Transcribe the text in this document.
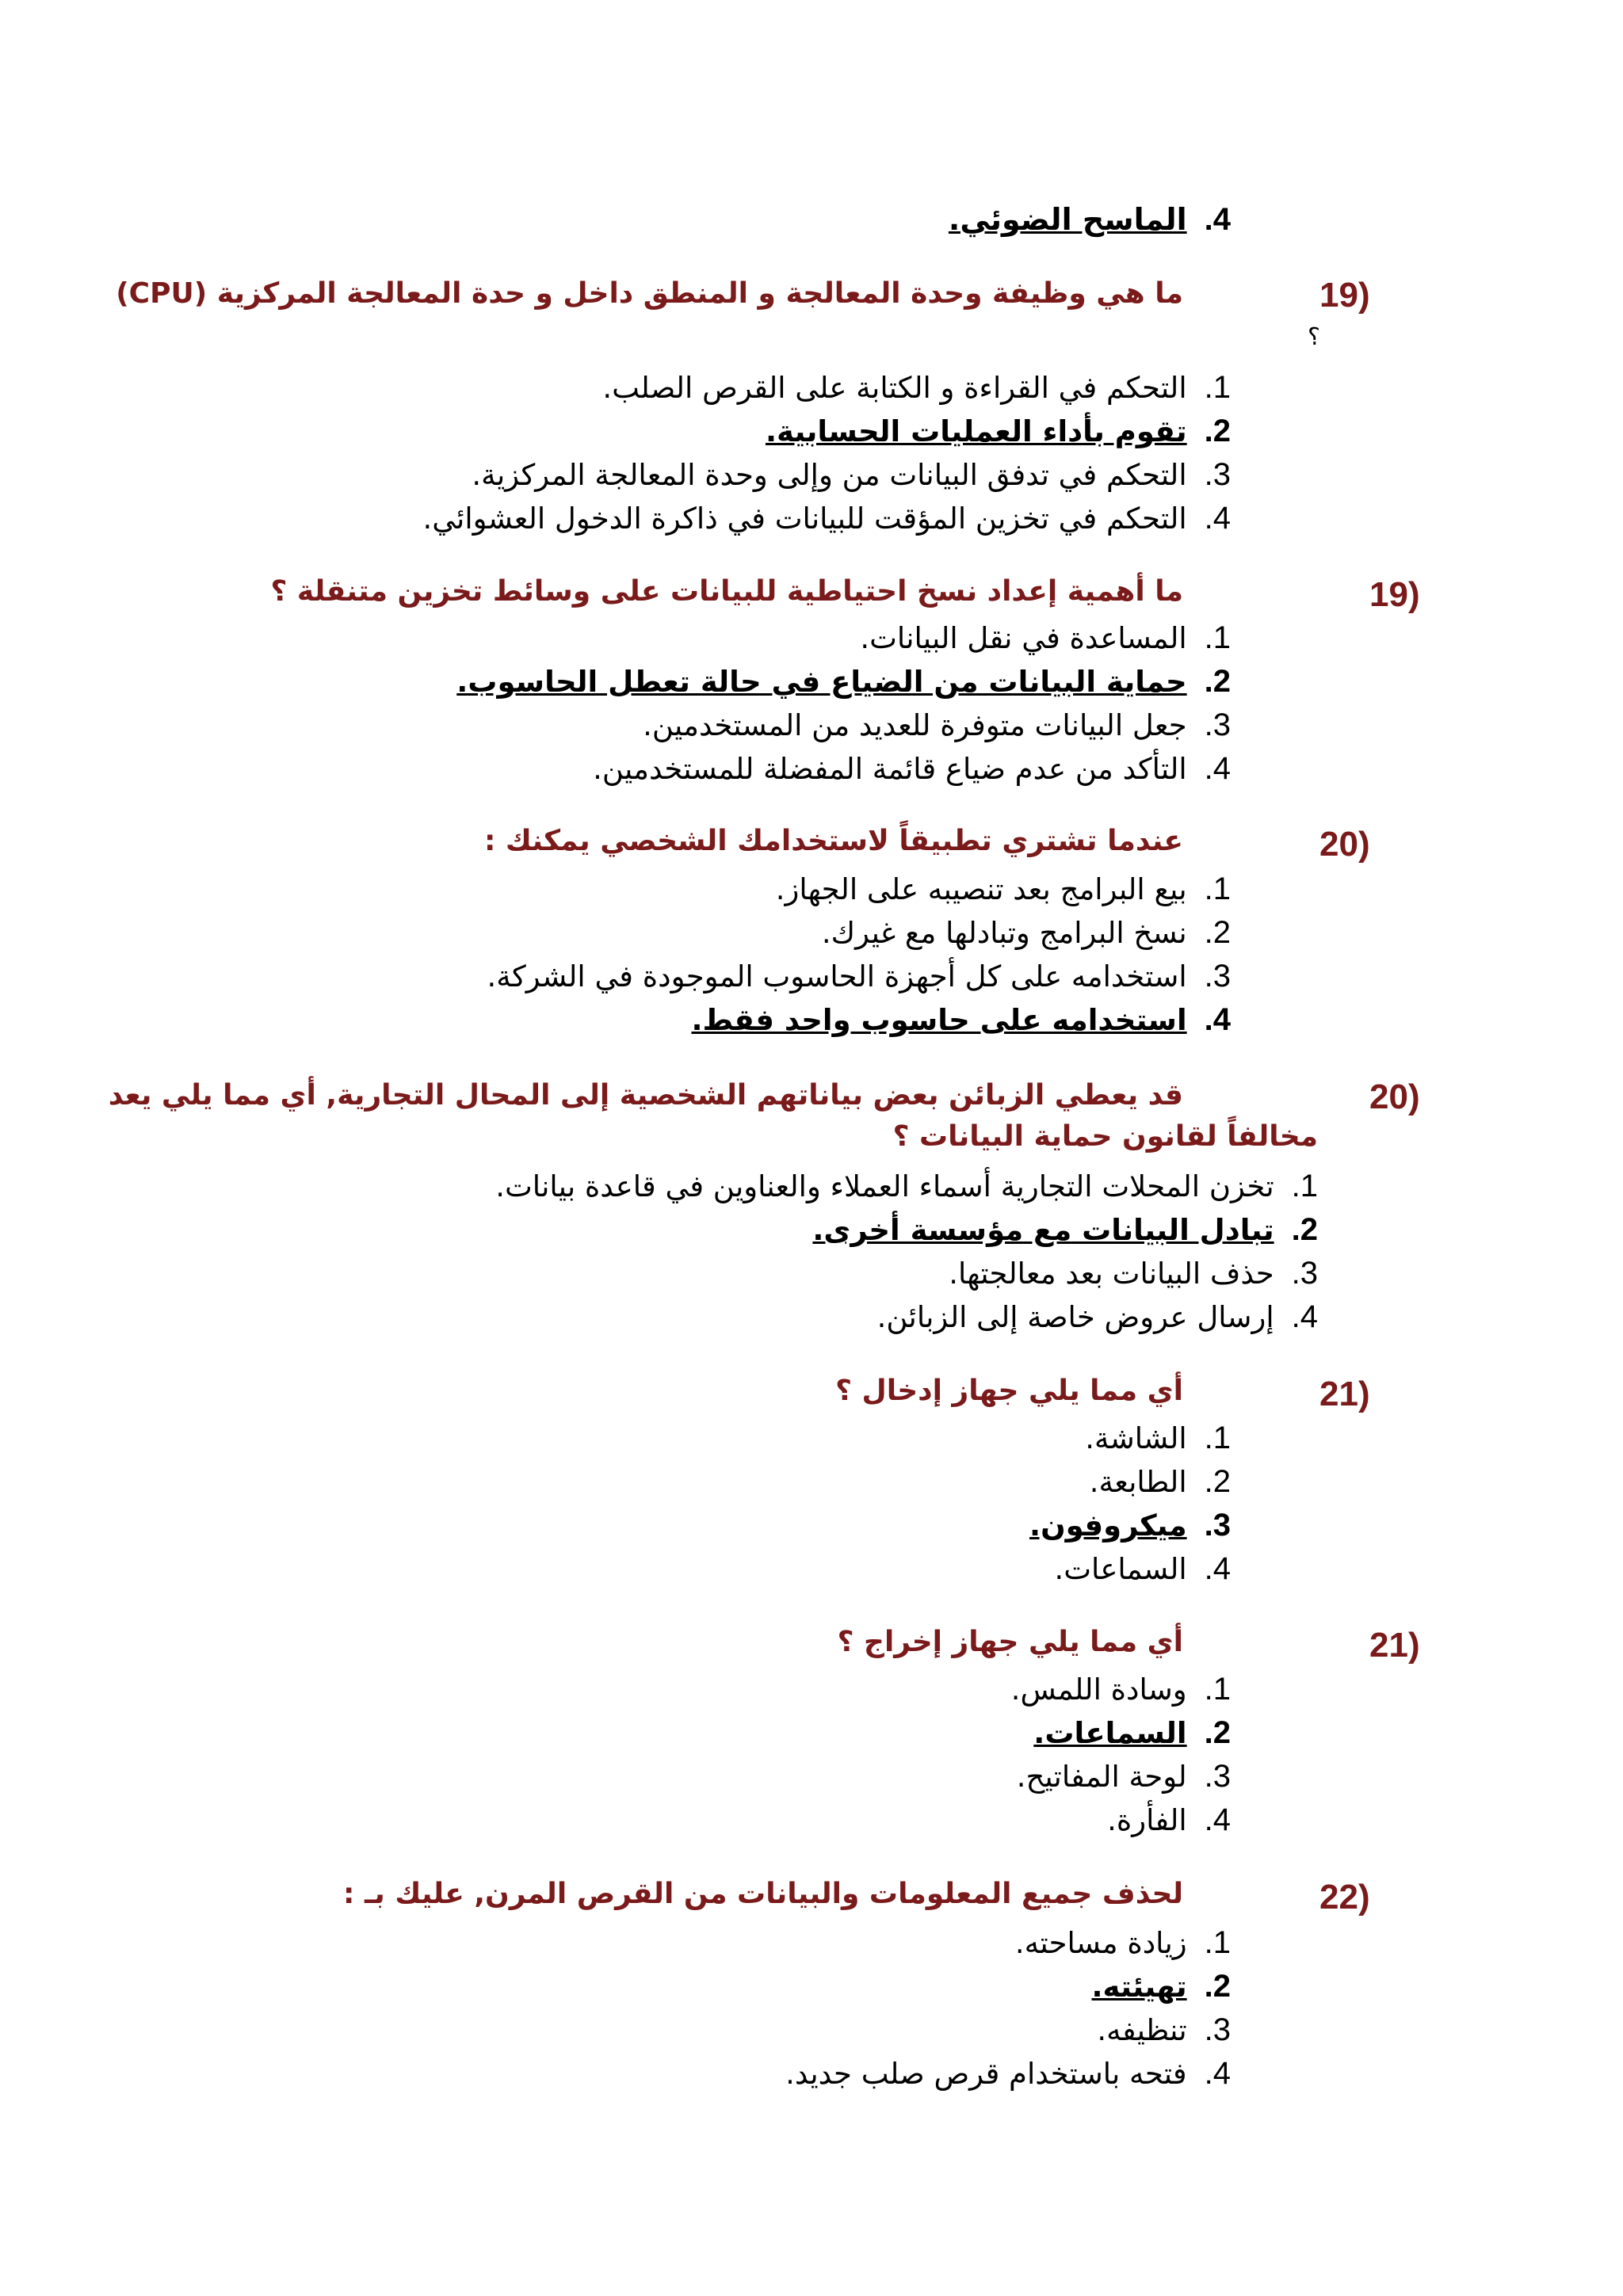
4.الماسح الضوئي.
19)
ما هي وظيفة وحدة المعالجة و المنطق داخل و حدة المعالجة المركزية (CPU)
؟
1.التحكم في القراءة و الكتابة على القرص الصلب.
2.تقوم بأداء العمليات الحسابية.
3.التحكم في تدفق البيانات من وإلى وحدة المعالجة المركزية.
4.التحكم في تخزين المؤقت للبيانات في ذاكرة الدخول العشوائي.
19)
ما أهمية إعداد نسخ احتياطية للبيانات على وسائط تخزين متنقلة ؟
1.المساعدة في نقل البيانات.
2.حماية البيانات من الضياع في حالة تعطل الحاسوب.
3.جعل البيانات متوفرة للعديد من المستخدمين.
4.التأكد من عدم ضياع قائمة المفضلة للمستخدمين.
20)
عندما تشتري تطبيقاً لاستخدامك الشخصي يمكنك :
1.بيع البرامج بعد تنصيبه على الجهاز.
2.نسخ البرامج وتبادلها مع غيرك.
3.استخدامه على كل أجهزة الحاسوب الموجودة في الشركة.
4.استخدامه على حاسوب واحد فقط.
20)
قد يعطي الزبائن بعض بياناتهم الشخصية إلى المحال التجارية, أي مما يلي يعد
مخالفاً لقانون حماية البيانات ؟
1.تخزن المحلات التجارية أسماء العملاء والعناوين في قاعدة بيانات.
2.تبادل البيانات مع مؤسسة أخرى.
3.حذف البيانات بعد معالجتها.
4.إرسال عروض خاصة إلى الزبائن.
21)
أي مما يلي جهاز إدخال ؟
1.الشاشة.
2.الطابعة.
3.ميكروفون.
4.السماعات.
21)
أي مما يلي جهاز إخراج ؟
1.وسادة اللمس.
2.السماعات.
3.لوحة المفاتيح.
4.الفأرة.
22)
لحذف جميع المعلومات والبيانات من القرص المرن, عليك بـ :
1.زيادة مساحته.
2.تهيئته.
3.تنظيفه.
4.فتحه باستخدام قرص صلب جديد.
